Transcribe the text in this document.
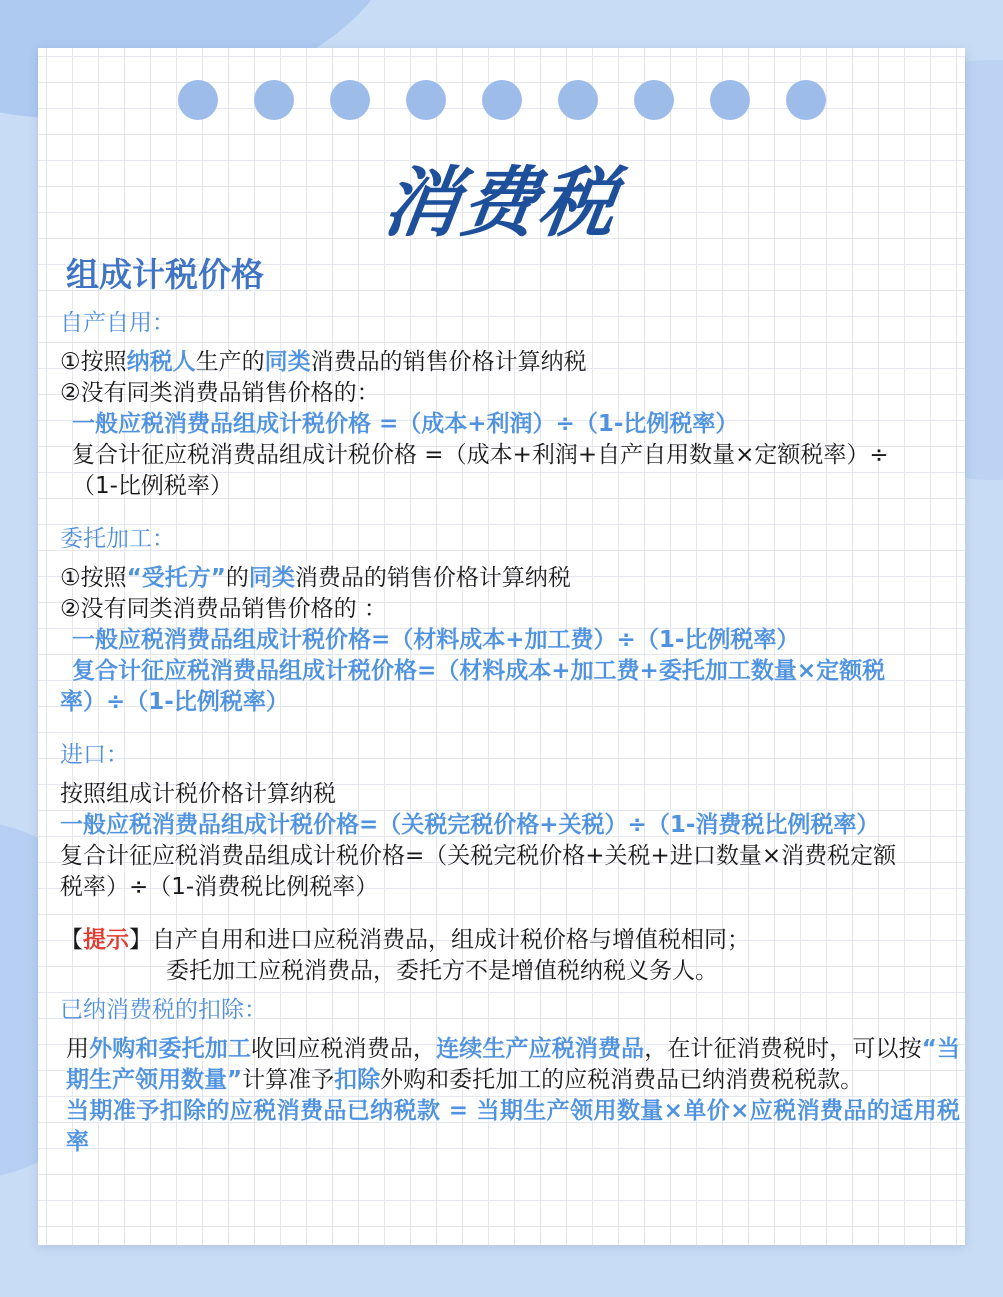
消费税
组成计税价格

自产自用：

①按照纳税人生产的同类消费品的销售价格计算纳税

②没有同类消费品销售价格的：

一般应税消费品组成计税价格 =（成本+利润）÷（1-比例税率）

复合计征应税消费品组成计税价格 =（成本+利润+自产自用数量×定额税率）÷

（1-比例税率）

委托加工：

①按照“受托方”的同类消费品的销售价格计算纳税

②没有同类消费品销售价格的 ：

一般应税消费品组成计税价格=（材料成本+加工费）÷（1-比例税率）

复合计征应税消费品组成计税价格=（材料成本+加工费+委托加工数量×定额税

率）÷（1-比例税率）

进口：

按照组成计税价格计算纳税

一般应税消费品组成计税价格=（关税完税价格+关税）÷（1-消费税比例税率）

复合计征应税消费品组成计税价格=（关税完税价格+关税+进口数量×消费税定额

税率）÷（1-消费税比例税率）

【提示】自产自用和进口应税消费品，组成计税价格与增值税相同；

委托加工应税消费品，委托方不是增值税纳税义务人。

已纳消费税的扣除：

用外购和委托加工收回应税消费品，连续生产应税消费品，在计征消费税时，可以按“当期生产领用数量”计算准予扣除外购和委托加工的应税消费品已纳消费税税款。

当期准予扣除的应税消费品已纳税款 = 当期生产领用数量×单价×应税消费品的适用税率
